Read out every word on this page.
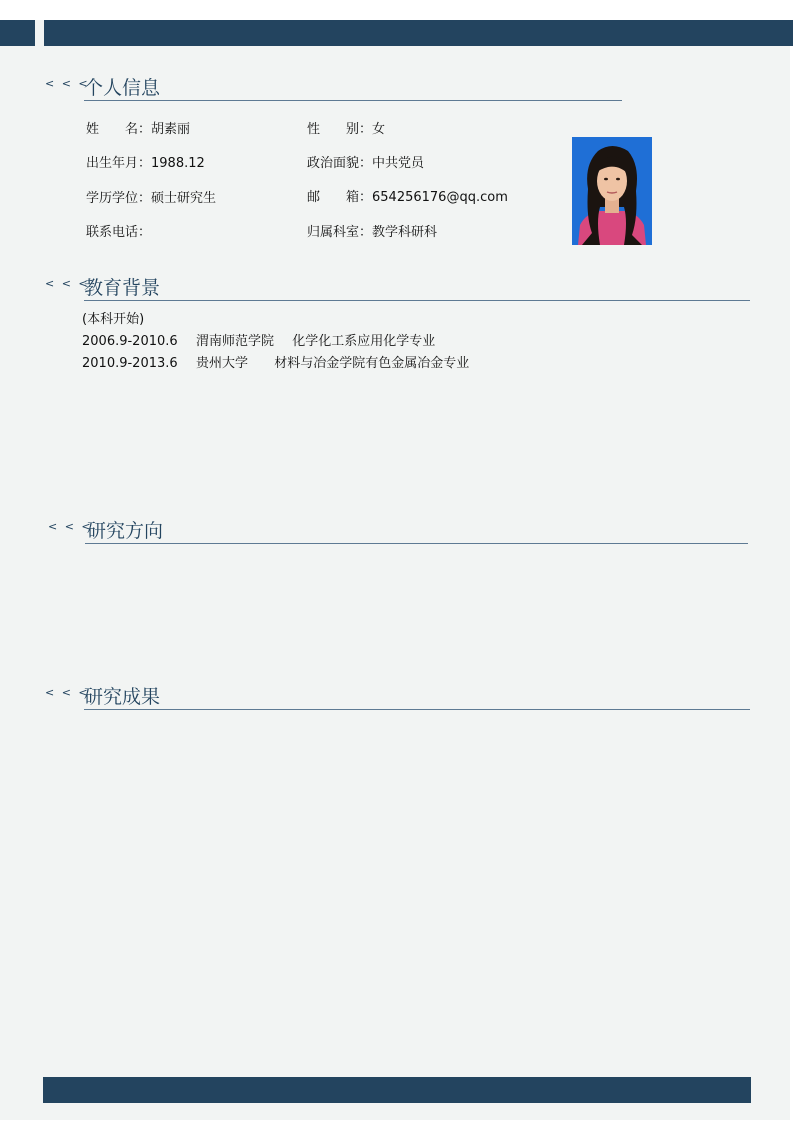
< < <
个人信息
姓　　名：胡素丽	性　　别：女
出生年月：1988.12	政治面貌：中共党员
学历学位：硕士研究生	邮　　箱：654256176@qq.com
联系电话：	归属科室：教学科研科
< < <
教育背景
(本科开始)
2006.9-2010.6 渭南师范学院 化学化工系应用化学专业
2010.9-2013.6 贵州大学 材料与冶金学院有色金属冶金专业
< < <
研究方向
< < <
研究成果
